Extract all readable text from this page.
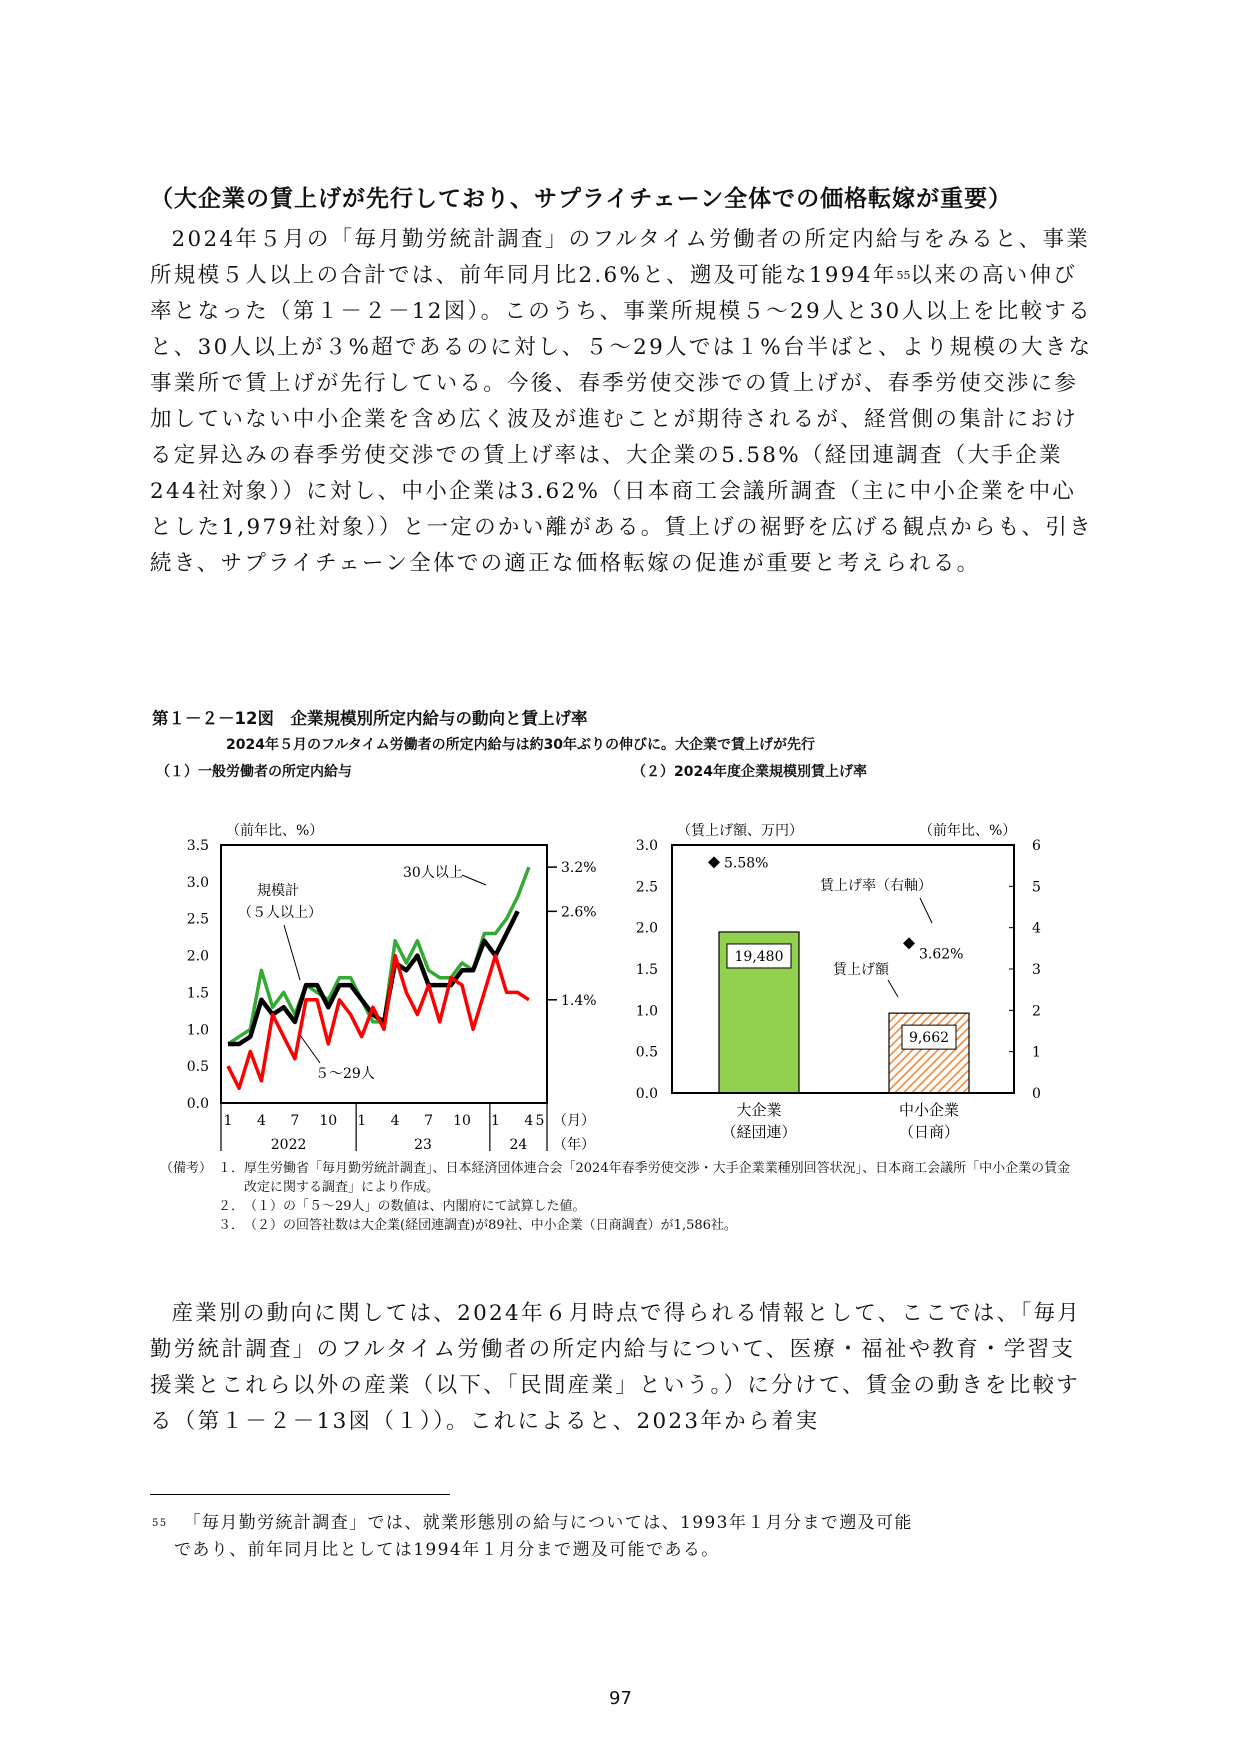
（大企業の賃上げが先行しており、サプライチェーン全体での価格転嫁が重要）

2024年５月の「毎月勤労統計調査」のフルタイム労働者の所定内給与をみると、事業所規模５人以上の合計では、前年同月比2.6%と、遡及可能な1994年$^{55}$以来の高い伸び率となった（第１－２－12図）。このうち、事業所規模５～29人と30人以上を比較すると、30人以上が３%超であるのに対し、５～29人では１%台半ばと、より規模の大きな事業所で賃上げが先行している。今後、春季労使交渉での賃上げが、春季労使交渉に参加していない中小企業を含め広く波及が進むことが期待されるが、経営側の集計における定昇込みの春季労使交渉での賃上げ率は、大企業の5.58%（経団連調査（大手企業244社対象））に対し、中小企業は3.62%（日本商工会議所調査（主に中小企業を中心とした1,979社対象））と一定のかい離がある。賃上げの裾野を広げる観点からも、引き続き、サプライチェーン全体での適正な価格転嫁の促進が重要と考えられる。

第１－２－12図　企業規模別所定内給与の動向と賃上げ率
2024年５月のフルタイム労働者の所定内給与は約30年ぶりの伸びに。大企業で賃上げが先行
（１）一般労働者の所定内給与	（２）2024年度企業規模別賃上げ率
（前年比、%）
0.0
0.5
1.0
1.5
2.0
2.5
3.0
3.5
3.2%
2.6%
1.4%
30人以上
規模計
（５人以上）
５～29人
1 4 7 10 1 4 7 10 1 4 5
2022	23	24
（月）
（年）
（賃上げ額、万円）	（前年比、%）
0.0
0.5
1.0
1.5
2.0
2.5
3.0
0
1
2
3
4
5
6
19,480
9,662
5.58%
3.62%
賃上げ率（右軸）
賃上げ額
大企業
（経団連）
中小企業
（日商）
（備考） １． 厚生労働省「毎月勤労統計調査」、日本経済団体連合会「2024年春季労使交渉・大手企業業種別回答状況」、日本商工会議所「中小企業の賃金改定に関する調査」により作成。
２． （１）の「５～29人」の数値は、内閣府にて試算した値。
３． （２）の回答社数は大企業(経団連調査)が89社、中小企業（日商調査）が1,586社。

産業別の動向に関しては、2024年６月時点で得られる情報として、ここでは、「毎月勤労統計調査」のフルタイム労働者の所定内給与について、医療・福祉や教育・学習支援業とこれら以外の産業（以下、「民間産業」という。）に分けて、賃金の動きを比較する（第１－２－13図（１））。これによると、2023年から着実

$^{55}$ 「毎月勤労統計調査」では、就業形態別の給与については、1993年１月分まで遡及可能
であり、前年同月比としては1994年１月分まで遡及可能である。
97
